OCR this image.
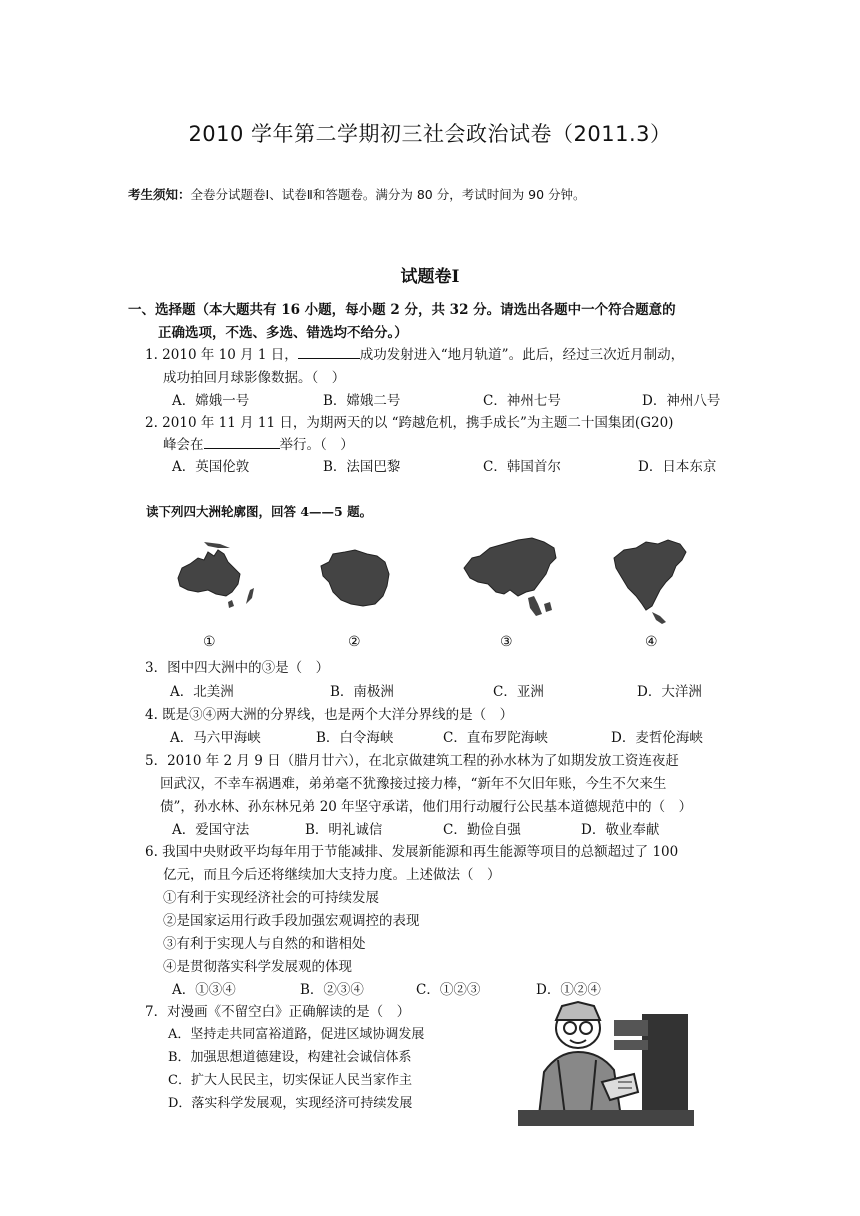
2010 学年第二学期初三社会政治试卷（2011.3）
考生须知：全卷分试题卷Ⅰ、试卷Ⅱ和答题卷。满分为 80 分，考试时间为 90 分钟。
试题卷Ⅰ
一、选择题（本大题共有 16 小题，每小题 2 分，共 32 分。请选出各题中一个符合题意的
正确选项，不选、多选、错选均不给分。）
1. 2010 年 10 月 1 日，	成功发射进入“地月轨道”。此后，经过三次近月制动，
成功拍回月球影像数据。（　）
A．嫦娥一号	B．嫦娥二号	C．神州七号	D．神州八号
2. 2010 年 11 月 11 日，为期两天的以 “跨越危机，携手成长”为主题二十国集团(G20)
峰会在	举行。（　）
A．英国伦敦	B．法国巴黎	C．韩国首尔	D．日本东京
读下列四大洲轮廓图，回答 4——5 题。
①	②	③	④
3．图中四大洲中的③是（　）
A．北美洲	B．南极洲	C．亚洲	D．大洋洲
4. 既是③④两大洲的分界线，也是两个大洋分界线的是（　）
A．马六甲海峡	B．白令海峡	C．直布罗陀海峡	D．麦哲伦海峡
5．2010 年 2 月 9 日（腊月廿六），在北京做建筑工程的孙水林为了如期发放工资连夜赶
回武汉，不幸车祸遇难，弟弟毫不犹豫接过接力棒，“新年不欠旧年账，今生不欠来生
债”，孙水林、孙东林兄弟 20 年坚守承诺，他们用行动履行公民基本道德规范中的（　）
A．爱国守法	B．明礼诚信	C．勤俭自强	D．敬业奉献
6. 我国中央财政平均每年用于节能减排、发展新能源和再生能源等项目的总额超过了 100
亿元，而且今后还将继续加大支持力度。上述做法（　）
①有利于实现经济社会的可持续发展
②是国家运用行政手段加强宏观调控的表现
③有利于实现人与自然的和谐相处
④是贯彻落实科学发展观的体现
A．①③④	B．②③④	C．①②③	D．①②④
7．对漫画《不留空白》正确解读的是（　）
A．坚持走共同富裕道路，促进区域协调发展
B．加强思想道德建设，构建社会诚信体系
C．扩大人民民主，切实保证人民当家作主
D．落实科学发展观，实现经济可持续发展
